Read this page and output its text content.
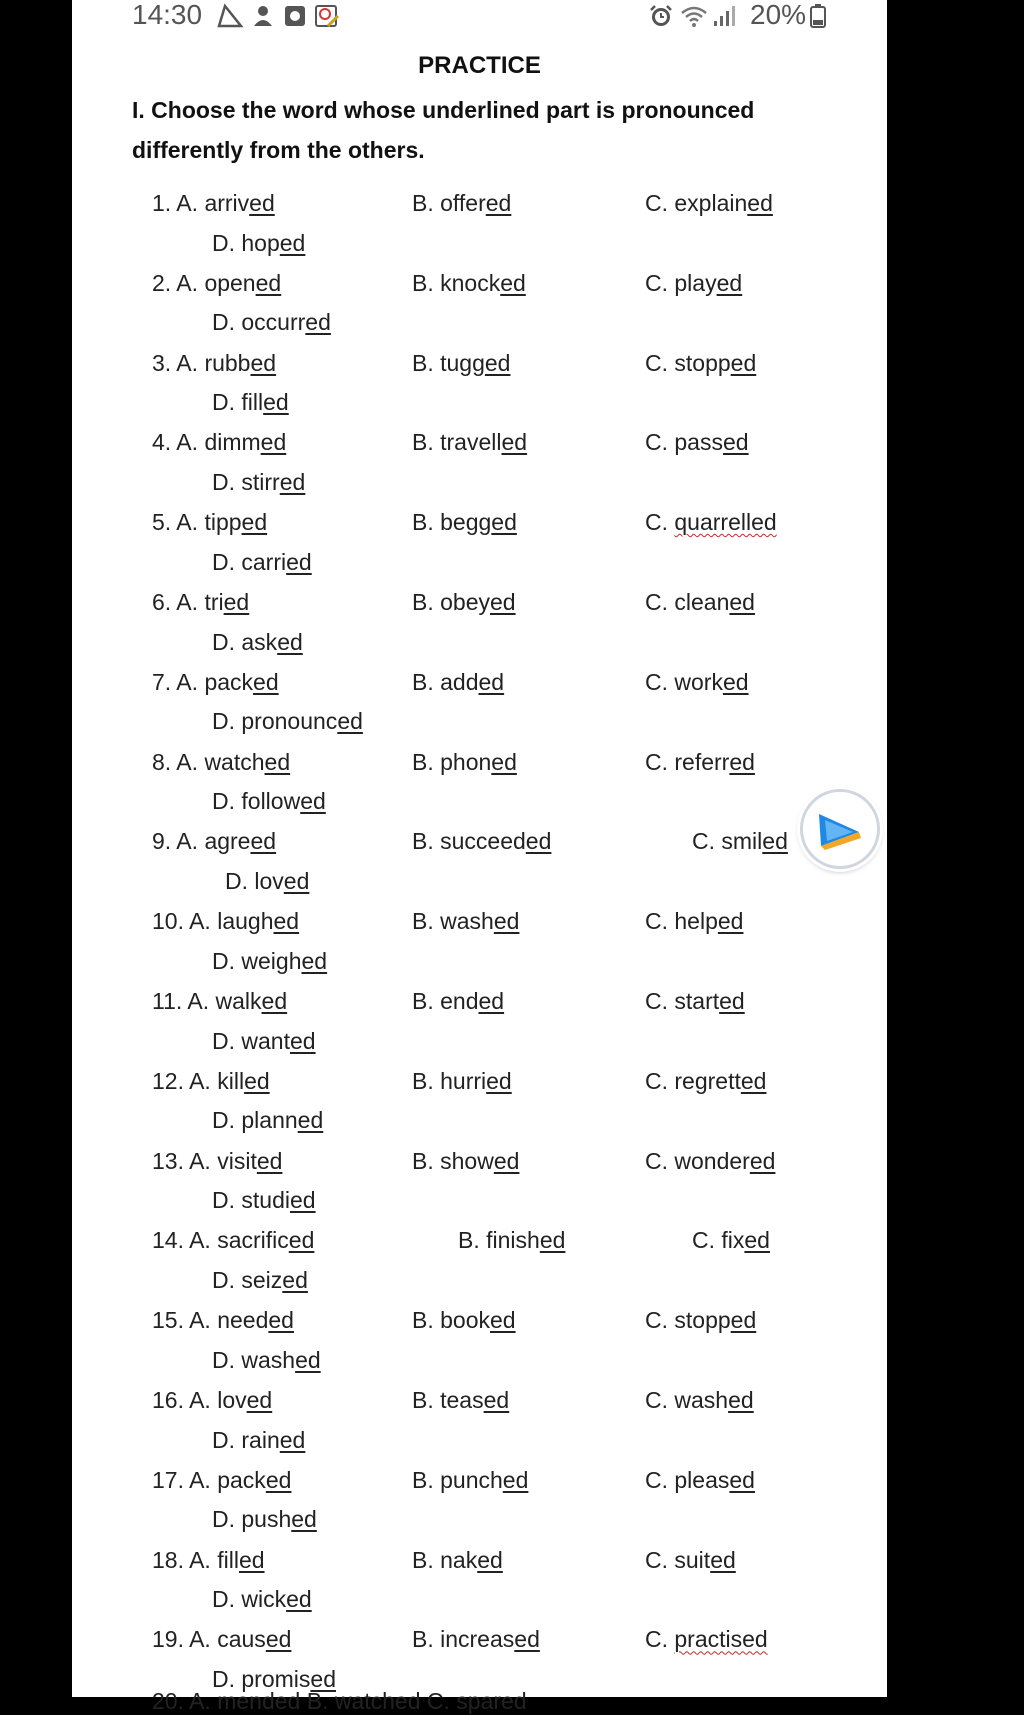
14:30	20%
PRACTICE
I. Choose the word whose underlined part is pronounced
differently from the others.
1. A. arrived	B. offered	C. explained
D. hoped
2. A. opened	B. knocked	C. played
D. occurred
3. A. rubbed	B. tugged	C. stopped
D. filled
4. A. dimmed	B. travelled	C. passed
D. stirred
5. A. tipped	B. begged	C. quarrelled
D. carried
6. A. tried	B. obeyed	C. cleaned
D. asked
7. A. packed	B. added	C. worked
D. pronounced
8. A. watched	B. phoned	C. referred
D. followed
9. A. agreed	B. succeeded	C. smiled
D. loved
10. A. laughed	B. washed	C. helped
D. weighed
11. A. walked	B. ended	C. started
D. wanted
12. A. killed	B. hurried	C. regretted
D. planned
13. A. visited	B. showed	C. wondered
D. studied
14. A. sacrificed	B. finished	C. fixed
D. seized
15. A. needed	B. booked	C. stopped
D. washed
16. A. loved	B. teased	C. washed
D. rained
17. A. packed	B. punched	C. pleased
D. pushed
18. A. filled	B. naked	C. suited
D. wicked
19. A. caused	B. increased	C. practised
D. promised
20. A. mended B. watched C. spared
